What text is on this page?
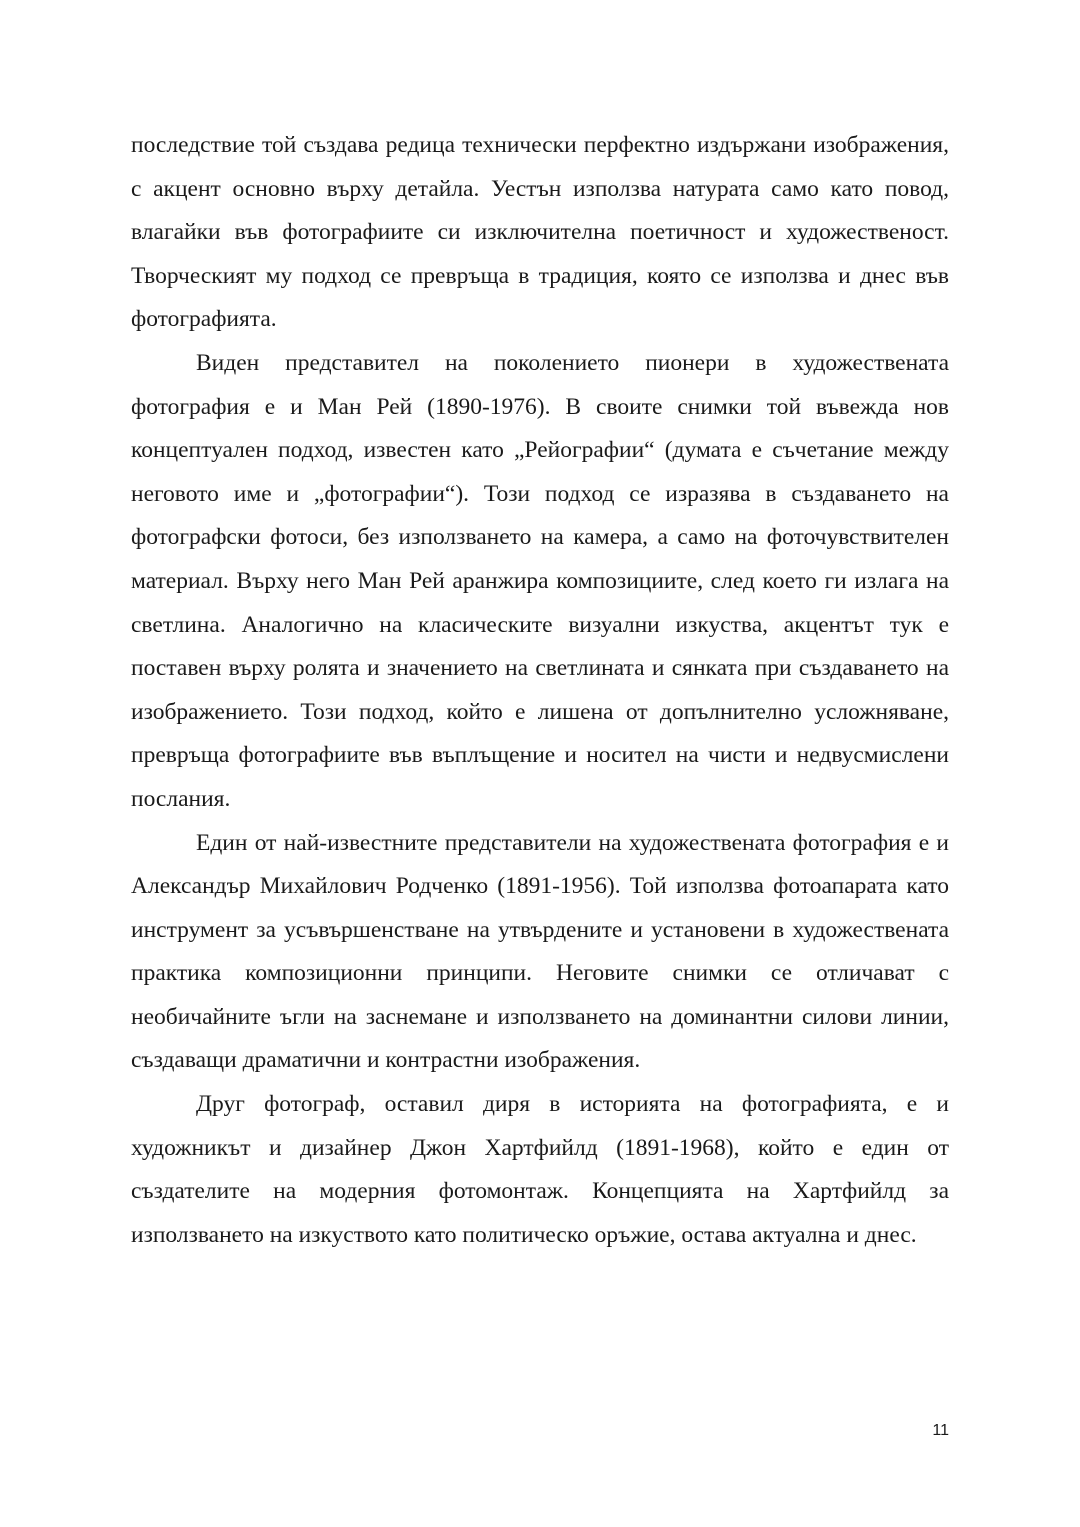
последствие той създава редица технически перфектно издържани изображения, с акцент основно върху детайла. Уестън използва натурата само като повод, влагайки във фотографиите си изключителна поетичност и художественост. Творческият му подход се превръща в традиция, която се използва и днес във фотографията.

Виден представител на поколението пионери в художествената фотография е и Ман Рей (1890-1976). В своите снимки той въвежда нов концептуален подход, известен като „Рейографии“ (думата е съчетание между неговото име и „фотографии“). Този подход се изразява в създаването на фотографски фотоси, без използването на камера, а само на фоточувствителен материал. Върху него Ман Рей аранжира композициите, след което ги излага на светлина. Аналогично на класическите визуални изкуства, акцентът тук е поставен върху ролята и значението на светлината и сянката при създаването на изображението. Този подход, който е лишена от допълнително усложняване, превръща фотографиите във въплъщение и носител на чисти и недвусмислени послания.

Един от най-известните представители на художествената фотография е и Александър Михайлович Родченко (1891-1956). Той използва фотоапарата като инструмент за усъвършенстване на утвърдените и установени в художествената практика композиционни принципи. Неговите снимки се отличават с необичайните ъгли на заснемане и използването на доминантни силови линии, създаващи драматични и контрастни изображения.

Друг фотограф, оставил диря в историята на фотографията, е и художникът и дизайнер Джон Хартфийлд (1891-1968), който е един от създателите на модерния фотомонтаж. Концепцията на Хартфийлд за използването на изкуството като политическо оръжие, остава актуална и днес.

11
